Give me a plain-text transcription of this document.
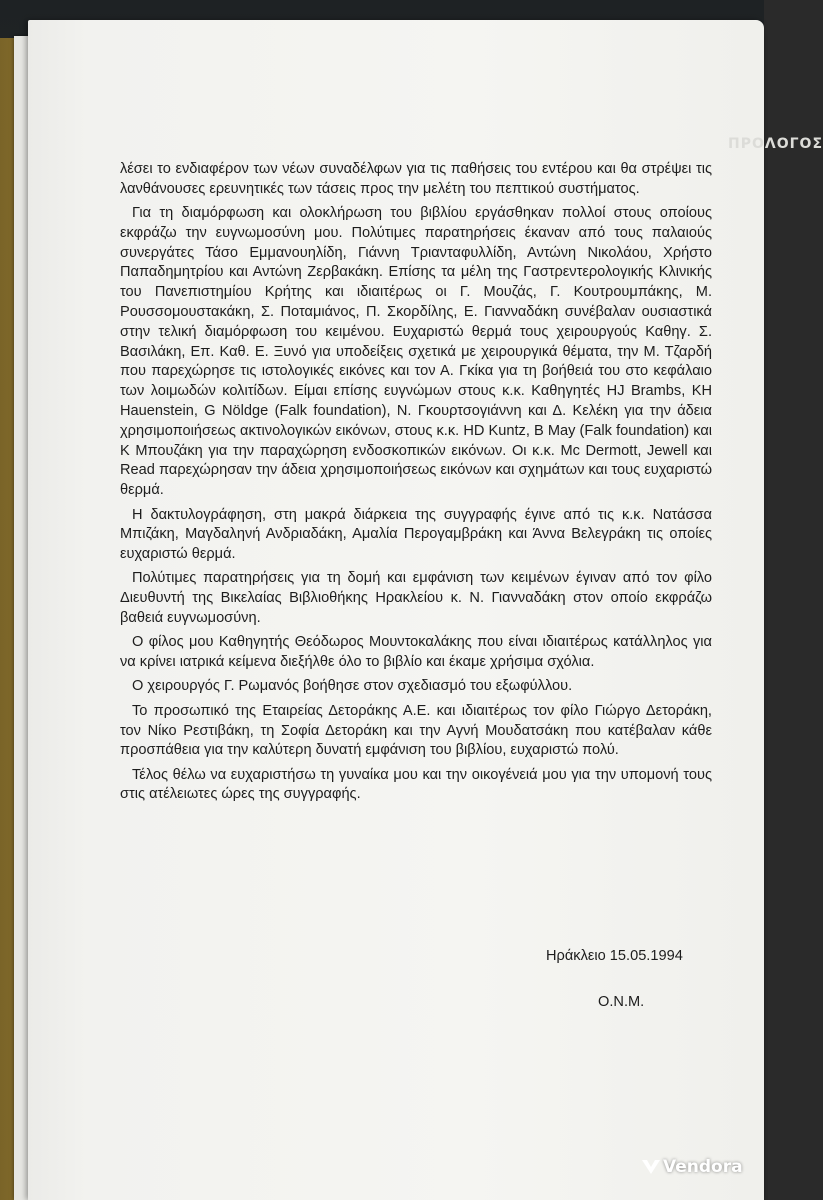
ΠΡΟΛΟΓΟΣ

λέσει το ενδιαφέρον των νέων συναδέλφων για τις παθήσεις του εντέρου και θα στρέψει τις λανθάνουσες ερευνητικές των τάσεις προς την μελέτη του πεπτικού συστήματος.

Για τη διαμόρφωση και ολοκλήρωση του βιβλίου εργάσθηκαν πολλοί στους οποίους εκφράζω την ευγνωμοσύνη μου. Πολύτιμες παρατηρήσεις έκαναν από τους παλαιούς συνεργάτες Τάσο Εμμανουηλίδη, Γιάννη Τριανταφυλλίδη, Αντώνη Νικολάου, Χρήστο Παπαδημητρίου και Αντώνη Ζερβακάκη. Επίσης τα μέλη της Γαστρεντερολογικής Κλινικής του Πανεπιστημίου Κρήτης και ιδιαιτέρως οι Γ. Μουζάς, Γ. Κουτρουμπάκης, Μ. Ρουσσομουστακάκη, Σ. Ποταμιάνος, Π. Σκορδίλης, Ε. Γιανναδάκη συνέβαλαν ουσιαστικά στην τελική διαμόρφωση του κειμένου. Ευχαριστώ θερμά τους χειρουργούς Καθηγ. Σ. Βασιλάκη, Επ. Καθ. Ε. Ξυνό για υποδείξεις σχετικά με χειρουργικά θέματα, την Μ. Τζαρδή που παρεχώρησε τις ιστολογικές εικόνες και τον Α. Γκίκα για τη βοήθειά του στο κεφάλαιο των λοιμωδών κολιτίδων. Είμαι επίσης ευγνώμων στους κ.κ. Καθηγητές HJ Brambs, KH Hauenstein, G Nöldge (Falk foundation), Ν. Γκουρτσογιάννη και Δ. Κελέκη για την άδεια χρησιμοποιήσεως ακτινολογικών εικόνων, στους κ.κ. HD Kuntz, B May (Falk foundation) και Κ Μπουζάκη για την παραχώρηση ενδοσκοπικών εικόνων. Οι κ.κ. Mc Dermott, Jewell και Read παρεχώρησαν την άδεια χρησιμοποιήσεως εικόνων και σχημάτων και τους ευχαριστώ θερμά.

Η δακτυλογράφηση, στη μακρά διάρκεια της συγγραφής έγινε από τις κ.κ. Νατάσσα Μπιζάκη, Μαγδαληνή Ανδριαδάκη, Αμαλία Περογαμβράκη και Άννα Βελεγράκη τις οποίες ευχαριστώ θερμά.

Πολύτιμες παρατηρήσεις για τη δομή και εμφάνιση των κειμένων έγιναν από τον φίλο Διευθυντή της Βικελαίας Βιβλιοθήκης Ηρακλείου κ. Ν. Γιανναδάκη στον οποίο εκφράζω βαθειά ευγνωμοσύνη.

Ο φίλος μου Καθηγητής Θεόδωρος Μουντοκαλάκης που είναι ιδιαιτέρως κατάλληλος για να κρίνει ιατρικά κείμενα διεξήλθε όλο το βιβλίο και έκαμε χρήσιμα σχόλια.

Ο χειρουργός Γ. Ρωμανός βοήθησε στον σχεδιασμό του εξωφύλλου.

Το προσωπικό της Εταιρείας Δετοράκης Α.Ε. και ιδιαιτέρως τον φίλο Γιώργο Δετοράκη, τον Νίκο Ρεστιβάκη, τη Σοφία Δετοράκη και την Αγνή Μουδατσάκη που κατέβαλαν κάθε προσπάθεια για την καλύτερη δυνατή εμφάνιση του βιβλίου, ευχαριστώ πολύ.

Τέλος θέλω να ευχαριστήσω τη γυναίκα μου και την οικογένειά μου για την υπομονή τους στις ατέλειωτες ώρες της συγγραφής.

Ηράκλειο 15.05.1994
Ο.Ν.Μ.
Vendora
